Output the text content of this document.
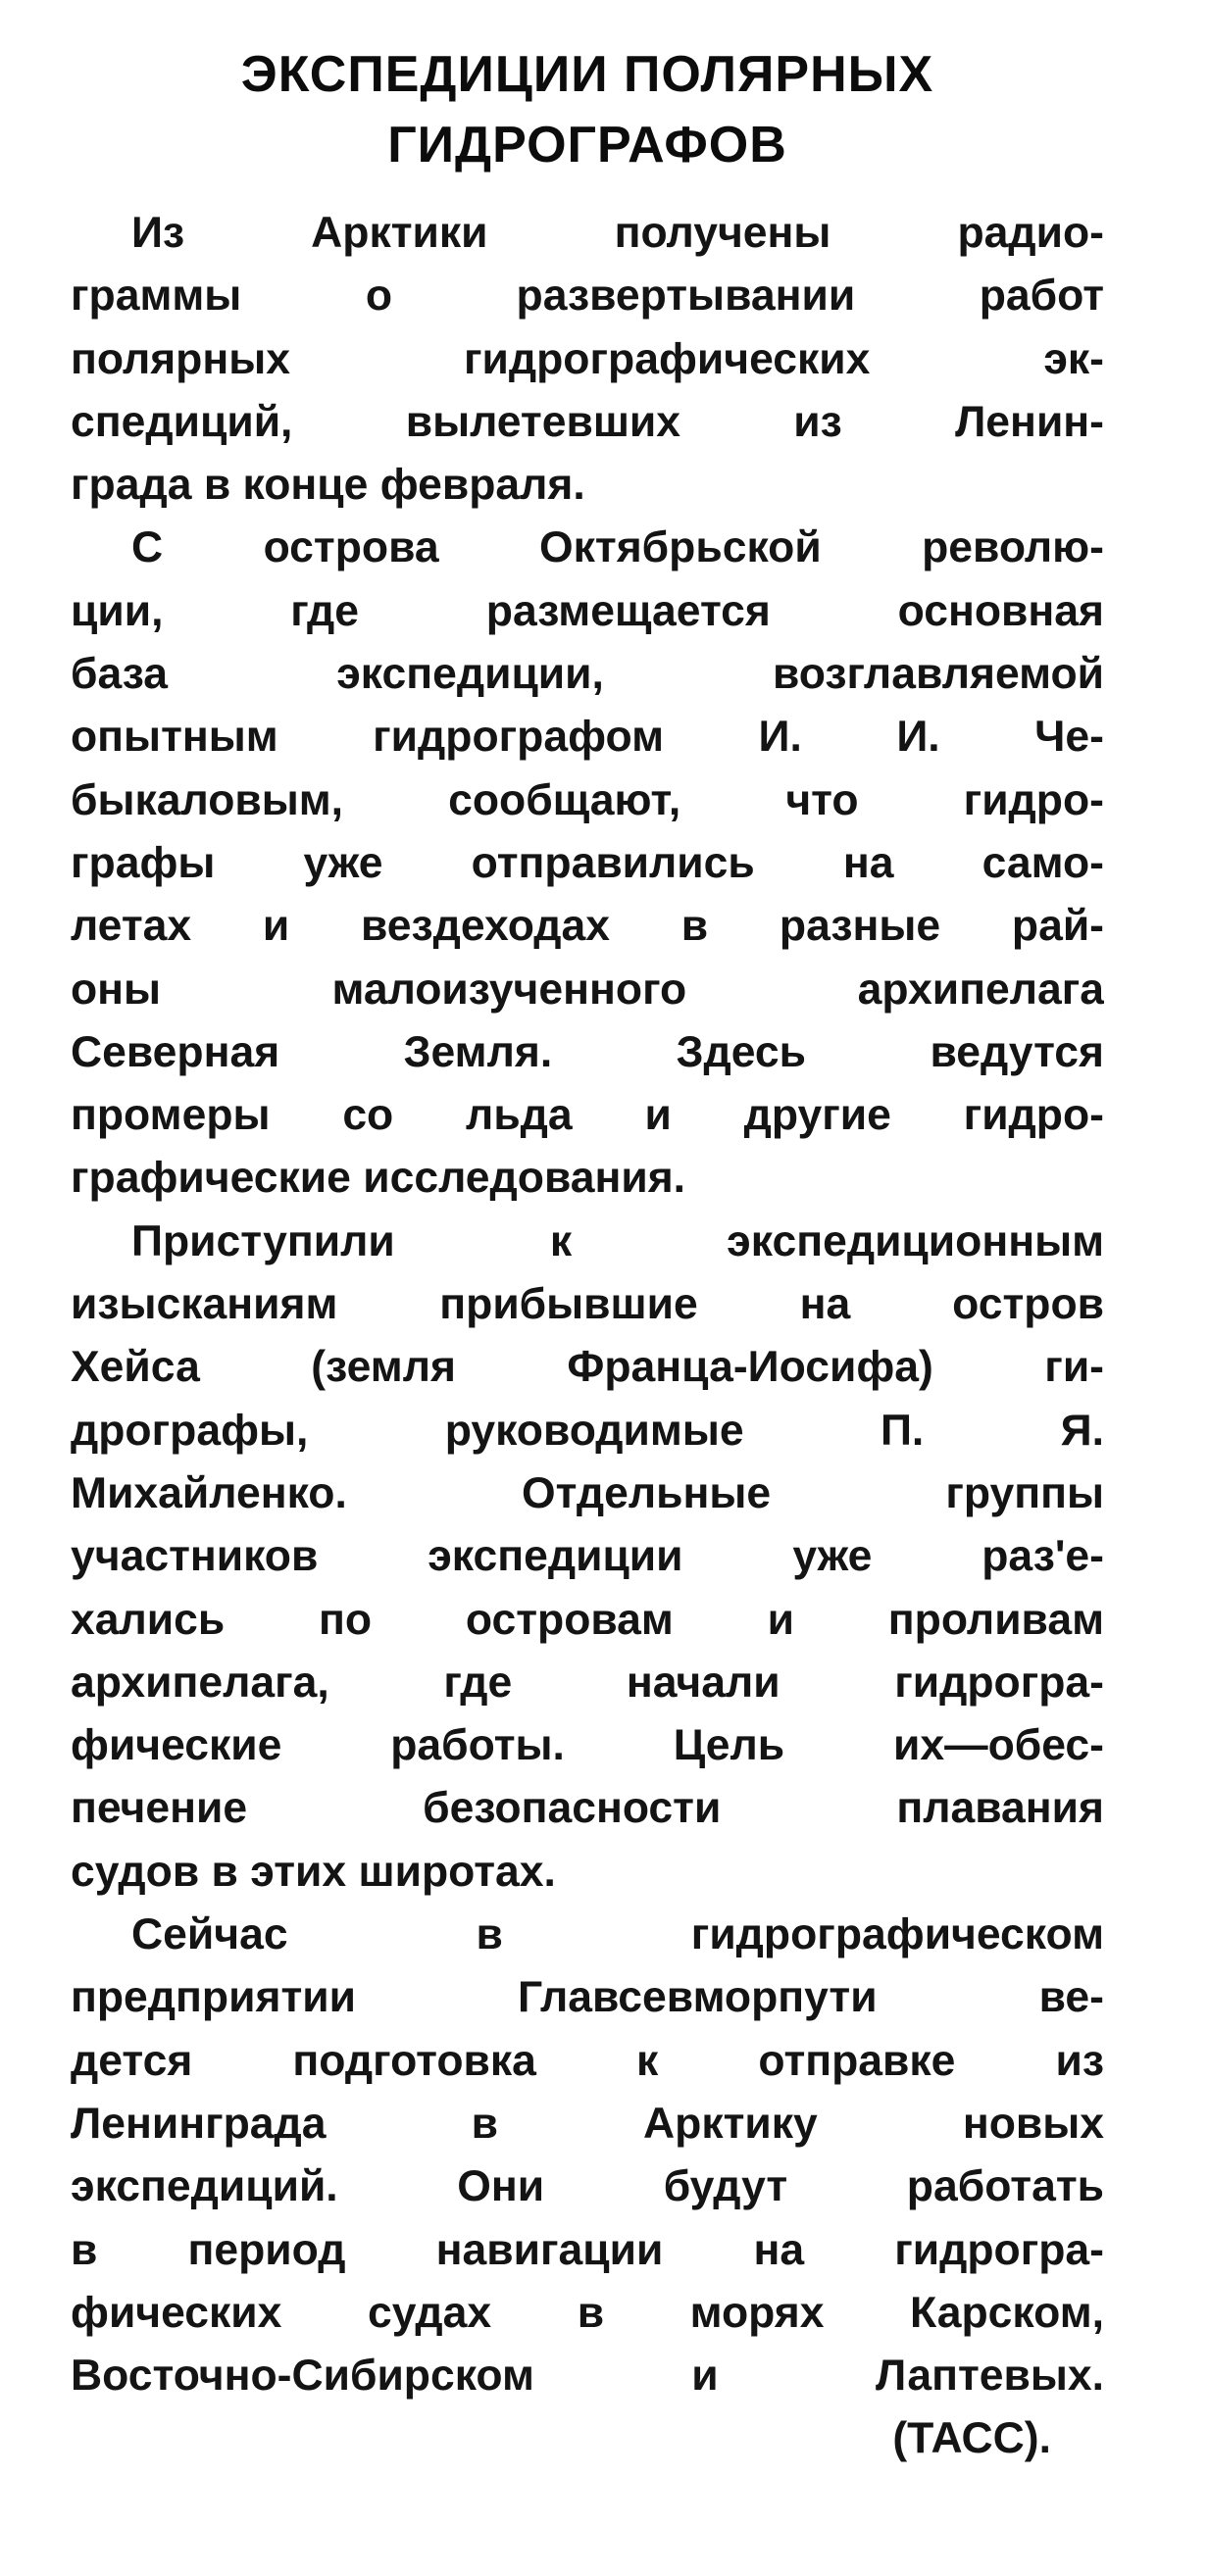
ЭКСПЕДИЦИИ ПОЛЯРНЫХ
ГИДРОГРАФОВ

Из Арктики получены радио-
граммы о развертывании работ
полярных гидрографических эк-
спедиций, вылетевших из Ленин-
града в конце февраля.

С острова Октябрьской револю-
ции, где размещается основная
база экспедиции, возглавляемой
опытным гидрографом И. И. Че-
быкаловым, сообщают, что гидро-
графы уже отправились на само-
летах и вездеходах в разные рай-
оны малоизученного архипелага
Северная Земля. Здесь ведутся
промеры со льда и другие гидро-
графические исследования.

Приступили к экспедиционным
изысканиям прибывшие на остров
Хейса (земля Франца-Иосифа) ги-
дрографы, руководимые П. Я.
Михайленко. Отдельные группы
участников экспедиции уже раз'е-
хались по островам и проливам
архипелага, где начали гидрогра-
фические работы. Цель их—обес-
печение безопасности плавания
судов в этих широтах.

Сейчас в гидрографическом
предприятии Главсевморпути ве-
дется подготовка к отправке из
Ленинграда в Арктику новых
экспедиций. Они будут работать
в период навигации на гидрогра-
фических судах в морях Карском,
Восточно-Сибирском и Лаптевых.
(ТАСС).
